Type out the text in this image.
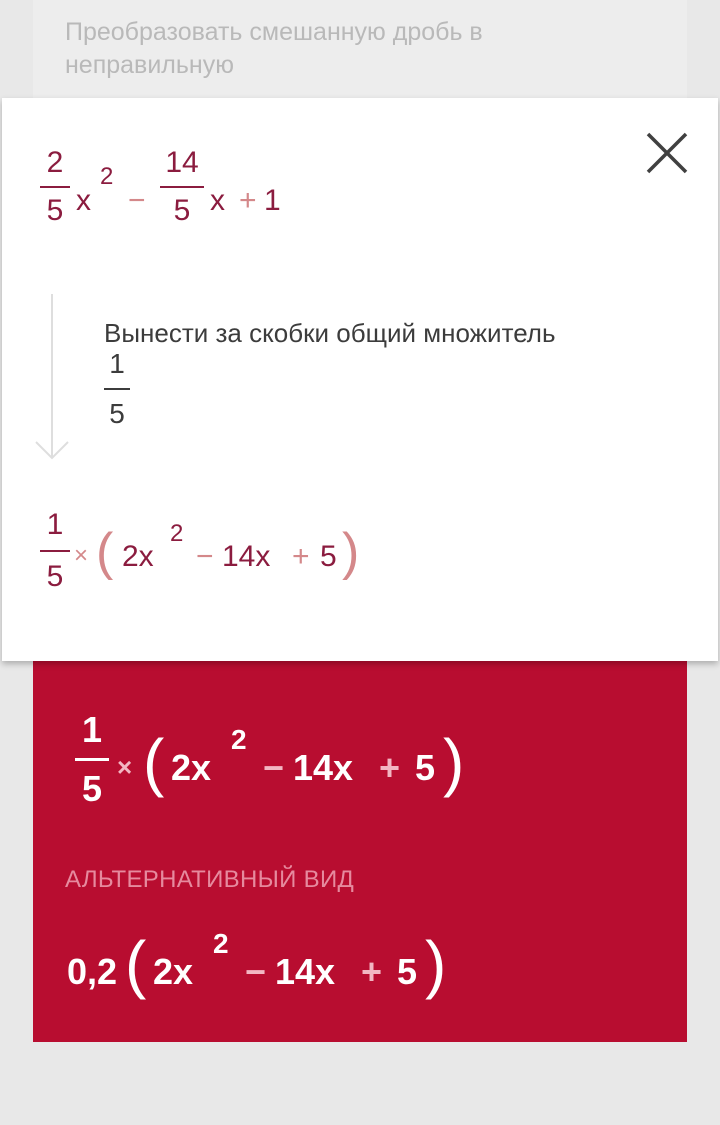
Преобразовать смешанную дробь в неправильную
2
5 x
2
−
14
5 x + 1
Вынести за скобки общий множитель
1
5
1
5
× ( 2x
2
− 14x + 5 )
1
5
× ( 2x
2
− 14x + 5 )
АЛЬТЕРНАТИВНЫЙ ВИД
0,2 ( 2x
2
− 14x + 5 )
